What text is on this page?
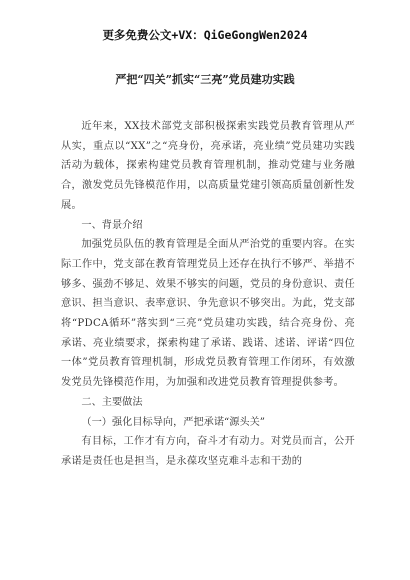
更多免费公文+VX：QiGeGongWen2024
严把“四关”抓实“三亮”党员建功实践

近年来，XX技术部党支部积极探索实践党员教育管理从严从实，重点以“XX”之“亮身份，亮承诺，亮业绩”党员建功实践活动为载体，探索构建党员教育管理机制，推动党建与业务融合，激发党员先锋模范作用，以高质量党建引领高质量创新性发展。

一、背景介绍

加强党员队伍的教育管理是全面从严治党的重要内容。在实际工作中，党支部在教育管理党员上还存在执行不够严、举措不够多、强劲不够足、效果不够实的问题，党员的身份意识、责任意识、担当意识、表率意识、争先意识不够突出。为此，党支部将“PDCA循环”落实到“三亮”党员建功实践，结合亮身份、亮承诺、亮业绩要求，探索构建了承诺、践诺、述诺、评诺“四位一体”党员教育管理机制，形成党员教育管理工作闭环，有效激发党员先锋模范作用，为加强和改进党员教育管理提供参考。

二、主要做法

（一）强化目标导向，严把承诺“源头关”

有目标，工作才有方向，奋斗才有动力。对党员而言，公开承诺是责任也是担当，是永葆攻坚克难斗志和干劲的
